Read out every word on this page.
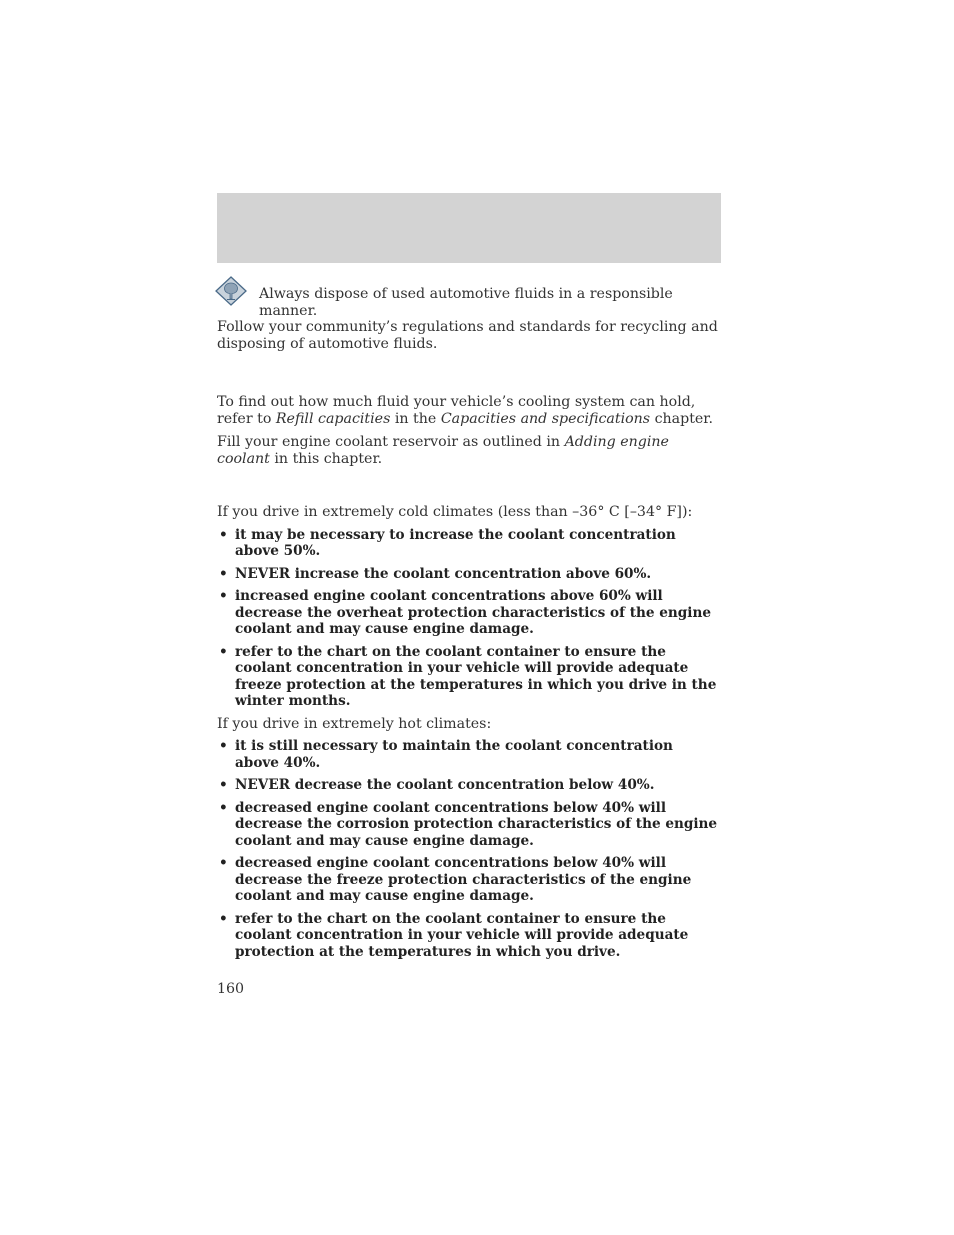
Always dispose of used automotive fluids in a responsible manner. Follow your community’s regulations and standards for recycling and disposing of automotive fluids.

To find out how much fluid your vehicle’s cooling system can hold, refer to Refill capacities in the Capacities and specifications chapter.

Fill your engine coolant reservoir as outlined in Adding engine coolant in this chapter.

If you drive in extremely cold climates (less than –36° C [–34° F]):

• it may be necessary to increase the coolant concentration above 50%.
• NEVER increase the coolant concentration above 60%.
• increased engine coolant concentrations above 60% will decrease the overheat protection characteristics of the engine coolant and may cause engine damage.
• refer to the chart on the coolant container to ensure the coolant concentration in your vehicle will provide adequate freeze protection at the temperatures in which you drive in the winter months.

If you drive in extremely hot climates:

• it is still necessary to maintain the coolant concentration above 40%.
• NEVER decrease the coolant concentration below 40%.
• decreased engine coolant concentrations below 40% will decrease the corrosion protection characteristics of the engine coolant and may cause engine damage.
• decreased engine coolant concentrations below 40% will decrease the freeze protection characteristics of the engine coolant and may cause engine damage.
• refer to the chart on the coolant container to ensure the coolant concentration in your vehicle will provide adequate protection at the temperatures in which you drive.
160
